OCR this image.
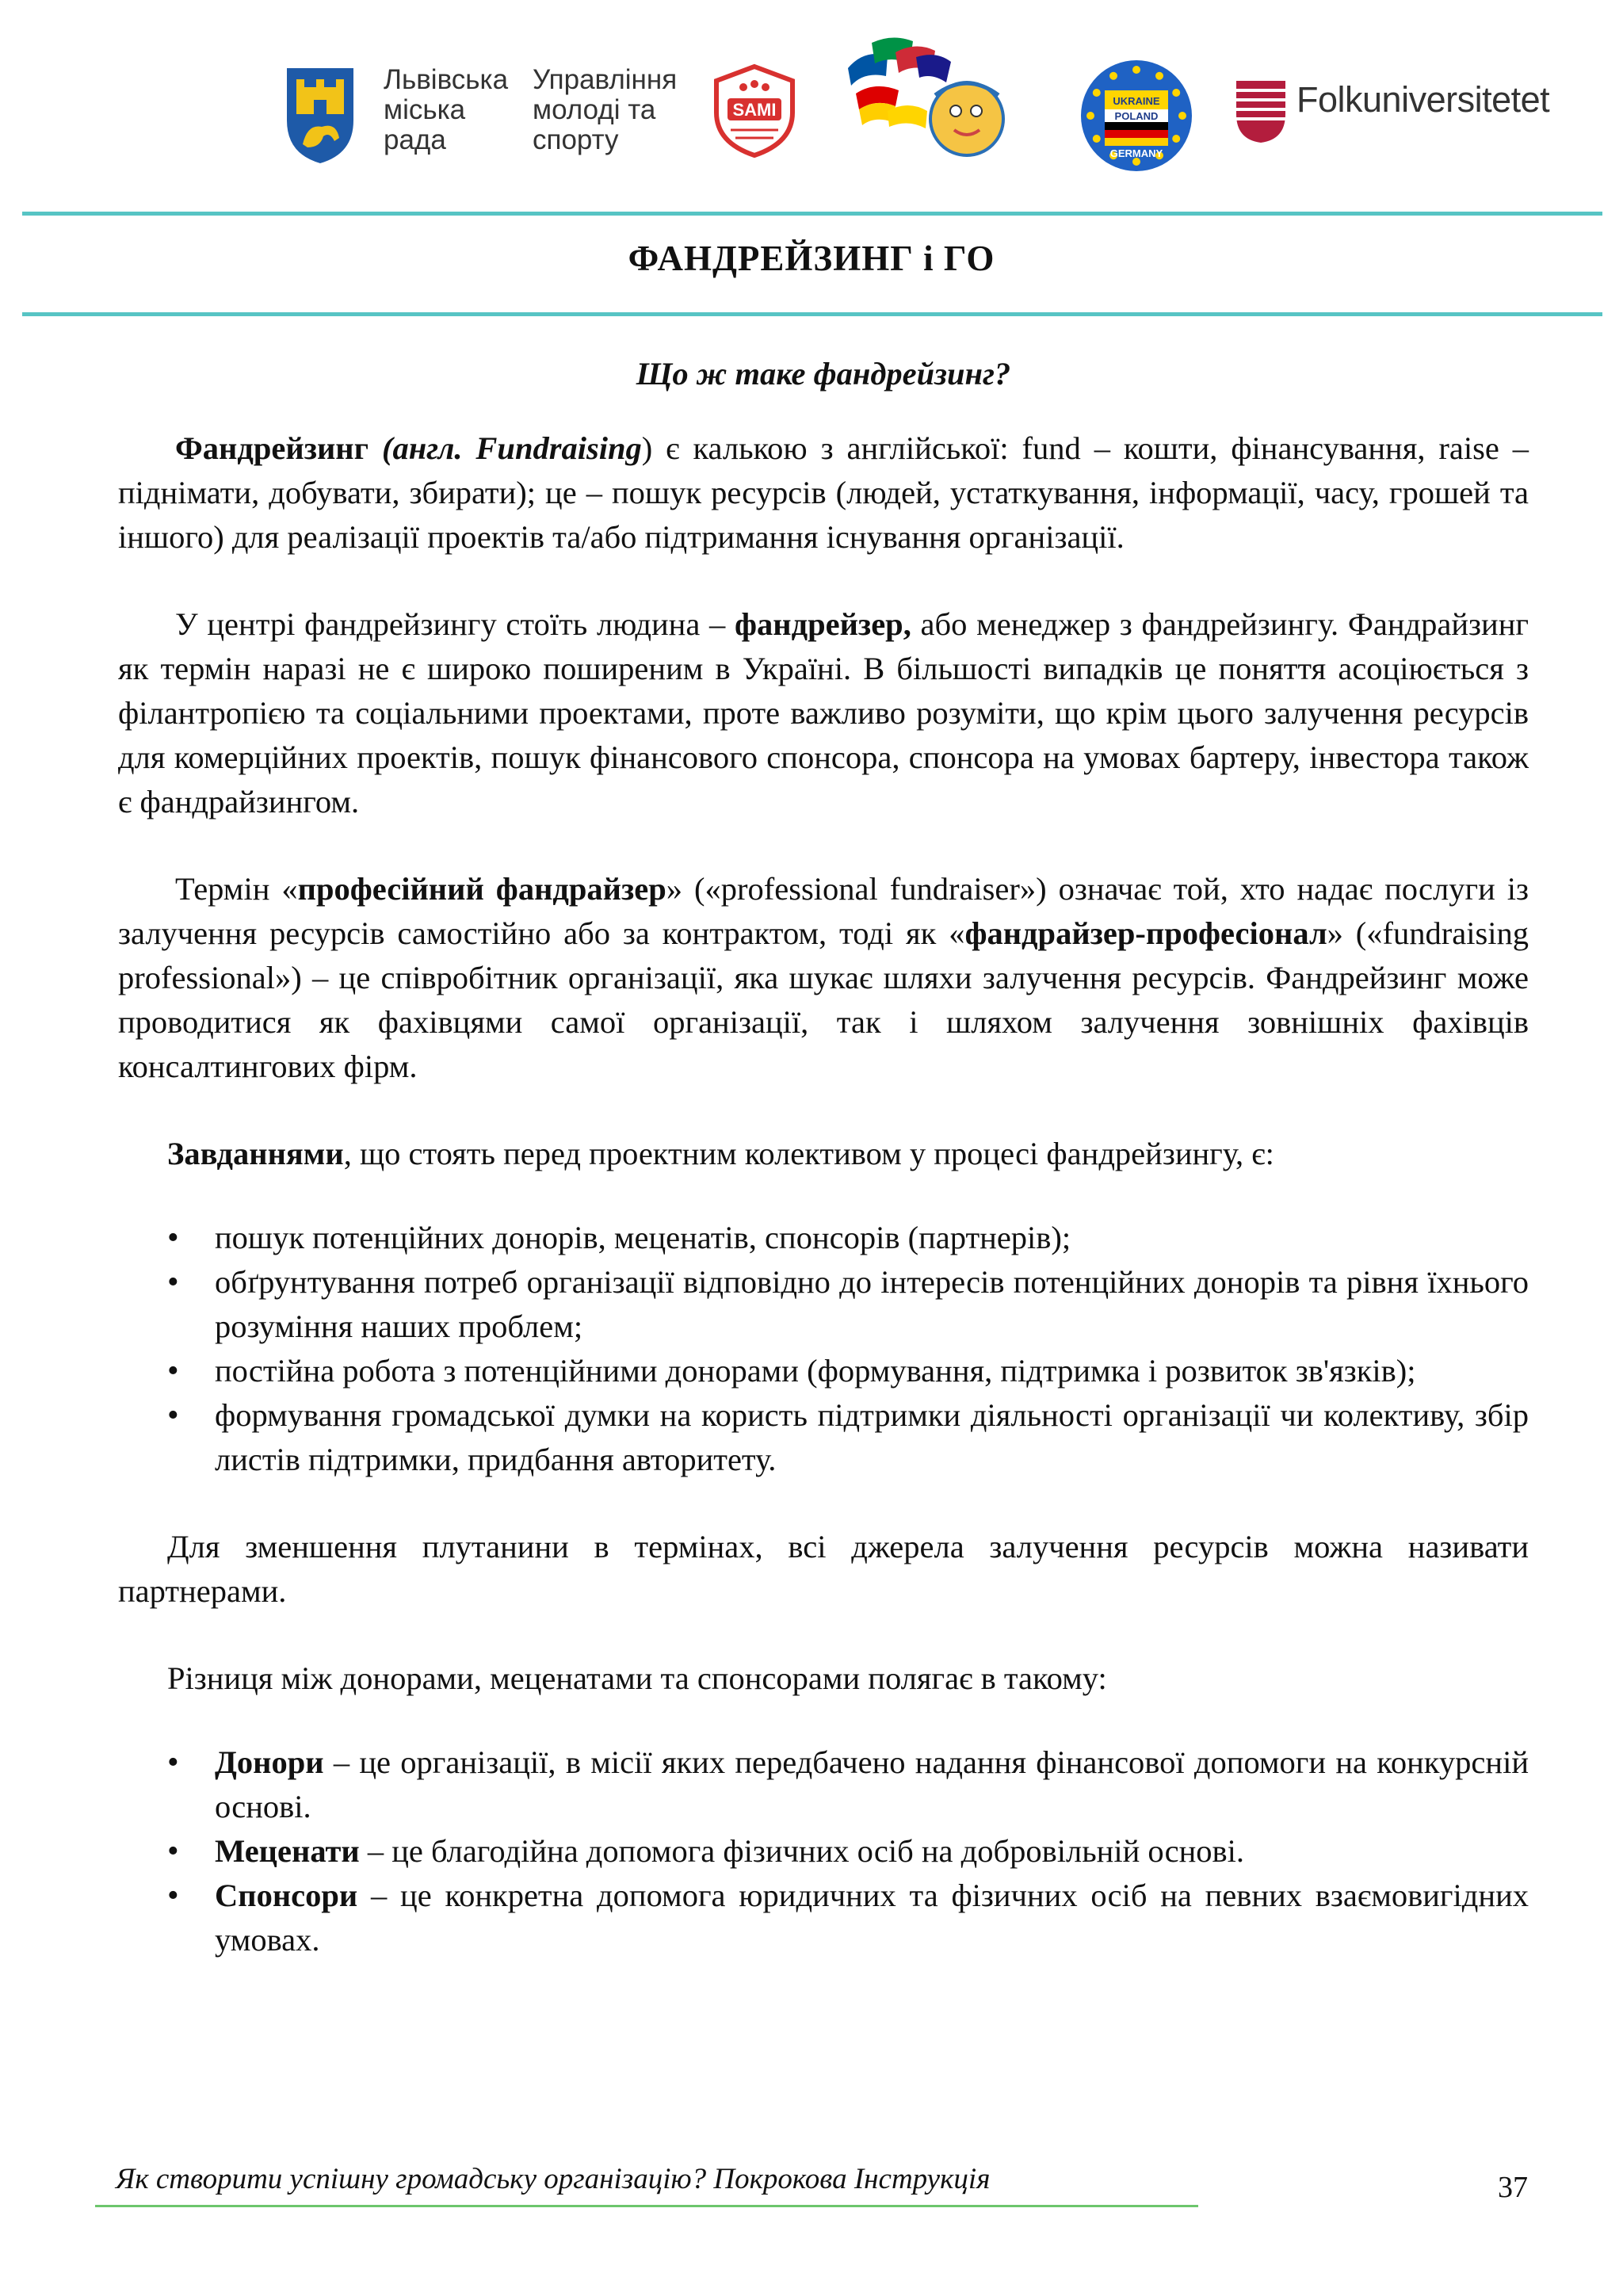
Львівська
міська
рада
Управління
молоді та
спорту
SAMI	UKRAINE
POLAND
GERMANY
Folkuniversitetet
ФАНДРЕЙЗИНГ і ГО

Що ж таке фандрейзинг?

Фандрейзинг (англ. Fundraising) є калькою з англійської: fund – кошти, фінансування, raise – піднімати, добувати, збирати); це – пошук ресурсів (людей, устаткування, інформації, часу, грошей та іншого) для реалізації проектів та/або підтримання існування організації.

У центрі фандрейзингу стоїть людина – фандрейзер, або менеджер з фандрейзингу. Фандрайзинг як термін наразі не є широко поширеним в Україні. В більшості випадків це поняття асоціюється з філантропією та соціальними проектами, проте важливо розуміти, що крім цього залучення ресурсів для комерційних проектів, пошук фінансового спонсора, спонсора на умовах бартеру, інвестора також є фандрайзингом.

Термін «професійний фандрайзер» («professional fundraiser») означає той, хто надає послуги із залучення ресурсів самостійно або за контрактом, тоді як «фандрайзер-професіонал» («fundraising professional») – це співробітник організації, яка шукає шляхи залучення ресурсів. Фандрейзинг може проводитися як фахівцями самої організації, так і шляхом залучення зовнішніх фахівців консалтингових фірм.

Завданнями, що стоять перед проектним колективом у процесі фандрейзингу, є:

• пошук потенційних донорів, меценатів, спонсорів (партнерів);
• обґрунтування потреб організації відповідно до інтересів потенційних донорів та рівня їхнього розуміння наших проблем;
• постійна робота з потенційними донорами (формування, підтримка і розвиток зв'язків);
• формування громадської думки на користь підтримки діяльності організації чи колективу, збір листів підтримки, придбання авторитету.

Для зменшення плутанини в термінах, всі джерела залучення ресурсів можна називати партнерами.

Різниця між донорами, меценатами та спонсорами полягає в такому:

• Донори – це організації, в місії яких передбачено надання фінансової допомоги на конкурсній основі.
• Меценати – це благодійна допомога фізичних осіб на добровільній основі.
• Спонсори – це конкретна допомога юридичних та фізичних осіб на певних взаємовигідних умовах.
Як створити успішну громадську організацію? Покрокова Інструкція	37
